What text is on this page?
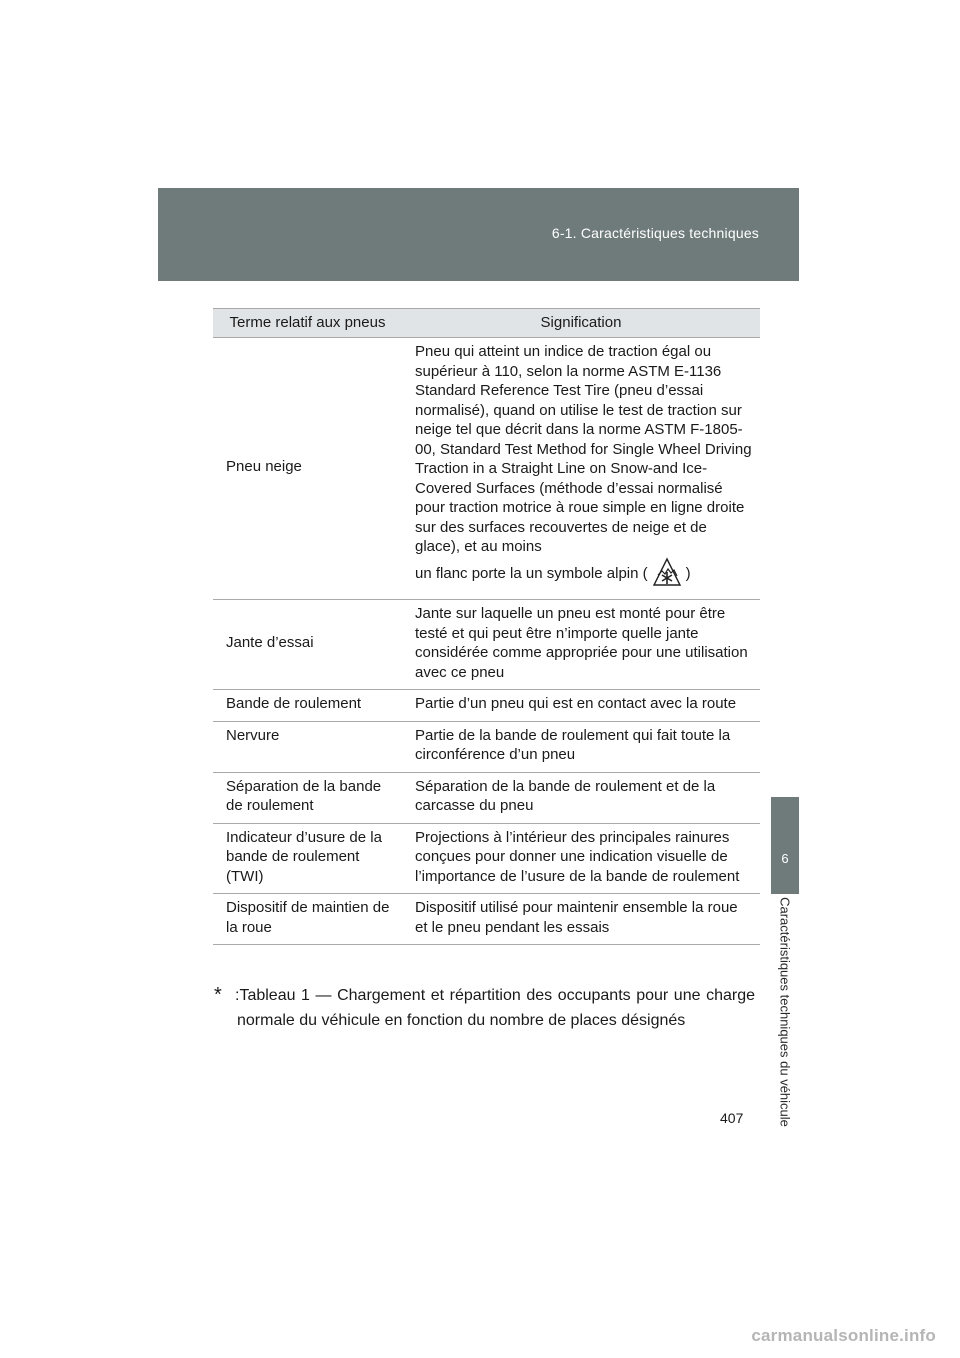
6-1. Caractéristiques techniques
6
Caractéristiques techniques du véhicule
Terme relatif aux pneus	Signification
Pneu neige	Pneu qui atteint un indice de traction égal ou supérieur à 110, selon la norme ASTM E-1136 Standard Reference Test Tire (pneu d’essai normalisé), quand on utilise le test de traction sur neige tel que décrit dans la norme ASTM F-1805-00, Standard Test Method for Single Wheel Driving Traction in a Straight Line on Snow-and Ice-Covered Surfaces (méthode d’essai normalisé pour traction motrice à roue simple en ligne droite sur des surfaces recouvertes de neige et de glace), et au moins
un flanc porte la un symbole alpin ( )
Jante d’essai	Jante sur laquelle un pneu est monté pour être testé et qui peut être n’importe quelle jante considérée comme appropriée pour une utilisation avec ce pneu
Bande de roulement	Partie d’un pneu qui est en contact avec la route
Nervure	Partie de la bande de roulement qui fait toute la circonférence d’un pneu
Séparation de la bande de roulement	Séparation de la bande de roulement et de la carcasse du pneu
Indicateur d’usure de la bande de roulement (TWI)	Projections à l’intérieur des principales rainures conçues pour donner une indication visuelle de l’importance de l’usure de la bande de roulement
Dispositif de maintien de la roue	Dispositif utilisé pour maintenir ensemble la roue et le pneu pendant les essais
* :Tableau 1 — Chargement et répartition des occupants pour une charge normale du véhicule en fonction du nombre de places désignés
407
carmanualsonline.info
